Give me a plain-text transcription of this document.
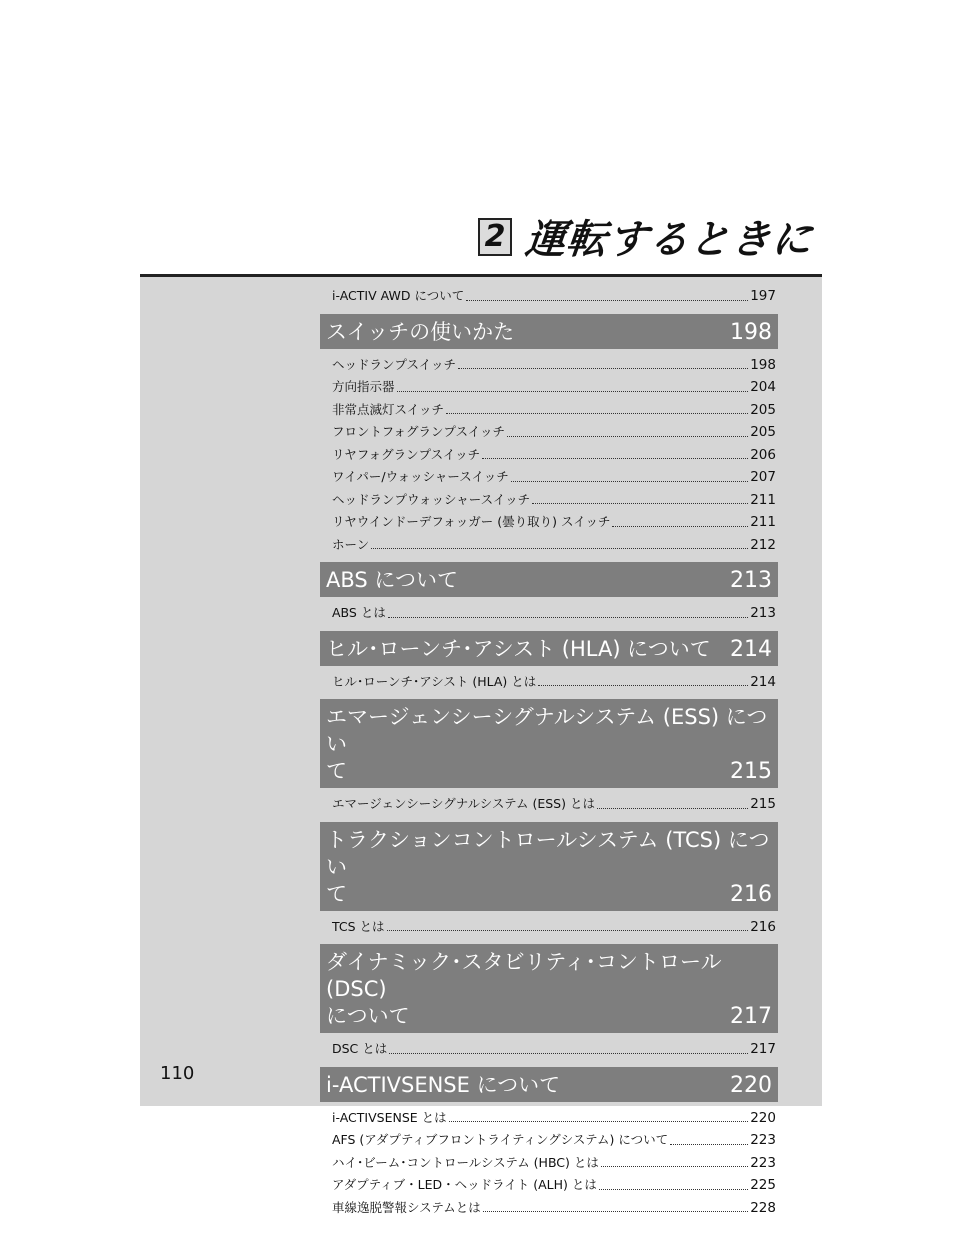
2 運転するときに
i-ACTIV AWD について	197
スイッチの使いかた	198
ヘッドランプスイッチ	198
方向指示器	204
非常点滅灯スイッチ	205
フロントフォグランプスイッチ	205
リヤフォグランプスイッチ	206
ワイパー/ウォッシャースイッチ	207
ヘッドランプウォッシャースイッチ	211
リヤウインドーデフォッガー (曇り取り) スイッチ	211
ホーン	212
ABS について	213
ABS とは	213
ヒル･ローンチ･アシスト (HLA) について 214
ヒル･ローンチ･アシスト (HLA) とは	214
エマージェンシーシグナルシステム (ESS) につい
て	215
エマージェンシーシグナルシステム (ESS) とは	215
トラクションコントロールシステム (TCS) につい
て	216
TCS とは	216
ダイナミック･スタビリティ･コントロール (DSC)
について	217
DSC とは	217
i-ACTIVSENSE について	220
i-ACTIVSENSE とは	220
AFS (アダプティブフロントライティングシステム) について	223
ハイ･ビーム･コントロールシステム (HBC) とは	223
アダプティブ・LED・ヘッドライト (ALH) とは	225
車線逸脱警報システムとは	228
110
